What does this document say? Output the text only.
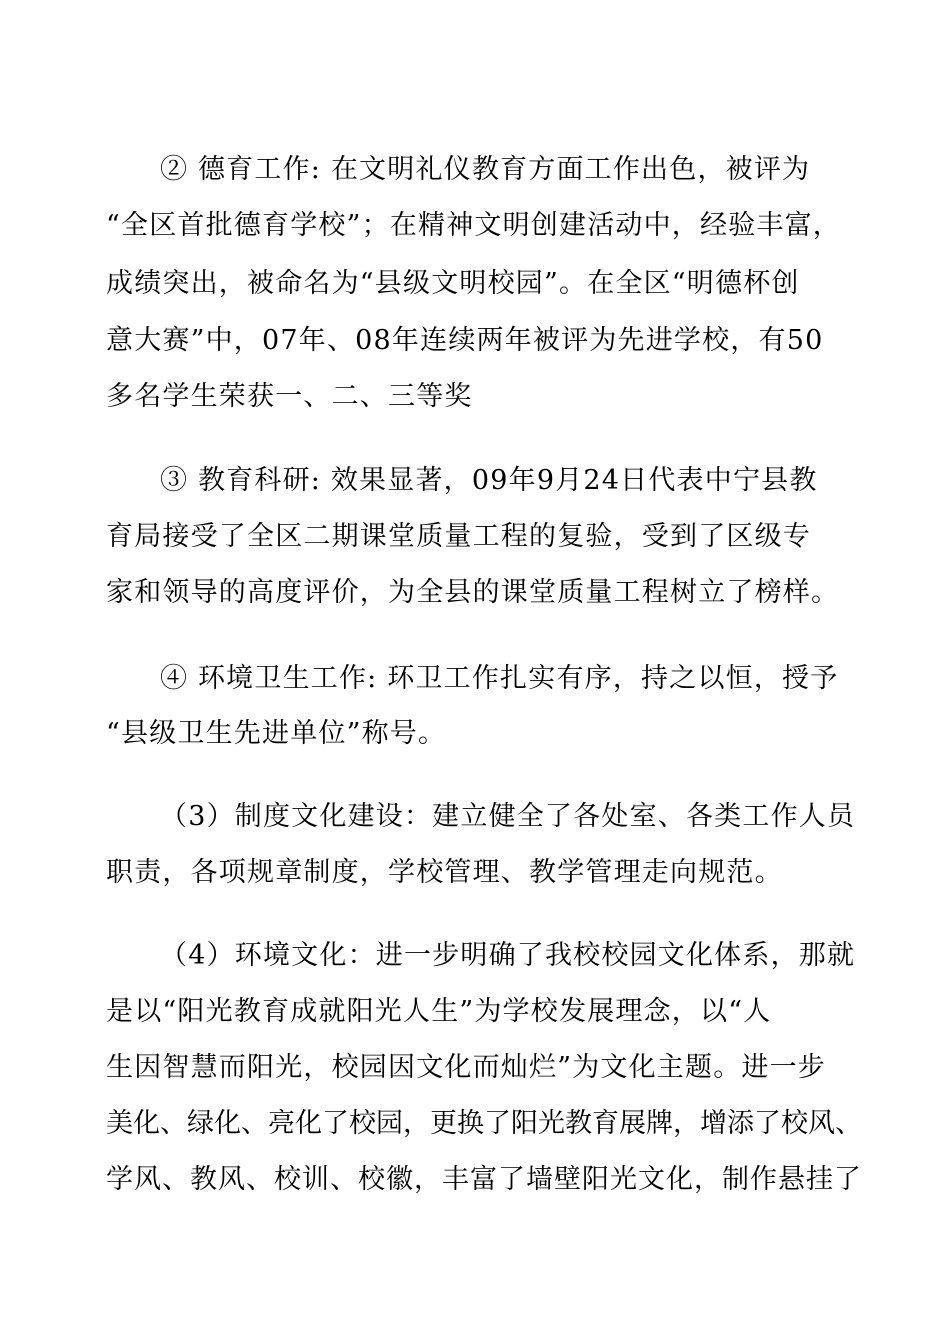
② 德育工作: 在文明礼仪教育方面工作出色，被评为
“全区首批德育学校”；在精神文明创建活动中，经验丰富，
成绩突出，被命名为“县级文明校园”。在全区“明德杯创
意大赛”中，07年、08年连续两年被评为先进学校，有50
多名学生荣获一、二、三等奖
③ 教育科研: 效果显著，09年9月24日代表中宁县教
育局接受了全区二期课堂质量工程的复验，受到了区级专
家和领导的高度评价，为全县的课堂质量工程树立了榜样。
④ 环境卫生工作: 环卫工作扎实有序，持之以恒，授予
“县级卫生先进单位”称号。
（3）制度文化建设：建立健全了各处室、各类工作人员
职责，各项规章制度，学校管理、教学管理走向规范。
（4）环境文化：进一步明确了我校校园文化体系，那就
是以“阳光教育成就阳光人生”为学校发展理念，以“人
生因智慧而阳光，校园因文化而灿烂”为文化主题。进一步
美化、绿化、亮化了校园，更换了阳光教育展牌，增添了校风、
学风、教风、校训、校徽，丰富了墙壁阳光文化，制作悬挂了
